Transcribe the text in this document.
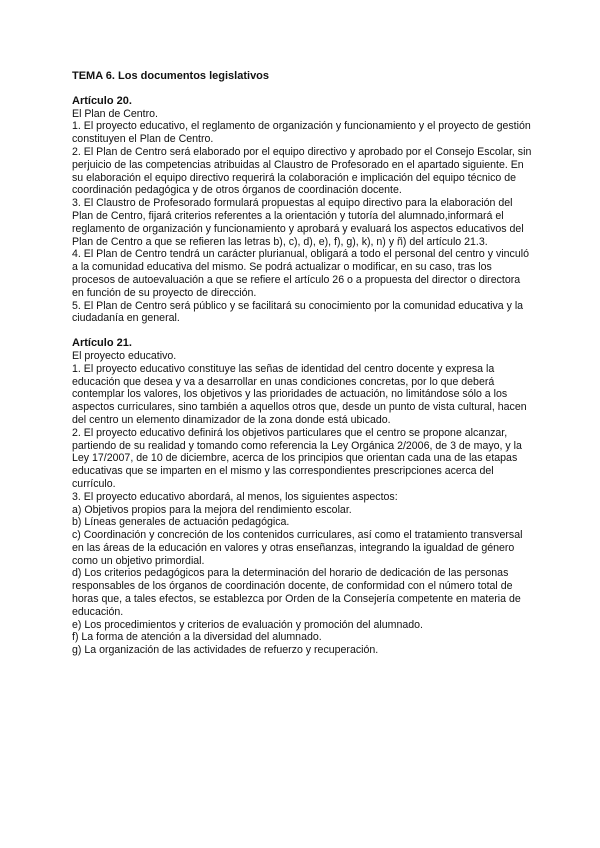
TEMA 6. Los documentos legislativos

Artículo 20.

El Plan de Centro.

1. El proyecto educativo, el reglamento de organización y funcionamiento y el proyecto de gestión constituyen el Plan de Centro.

2. El Plan de Centro será elaborado por el equipo directivo y aprobado por el Consejo Escolar, sin perjuicio de las competencias atribuidas al Claustro de Profesorado en el apartado siguiente. En su elaboración el equipo directivo requerirá la colaboración e implicación del equipo técnico de coordinación pedagógica y de otros órganos de coordinación docente.

3. El Claustro de Profesorado formulará propuestas al equipo directivo para la elaboración del Plan de Centro, fijará criterios referentes a la orientación y tutoría del alumnado,informará el reglamento de organización y funcionamiento y aprobará y evaluará los aspectos educativos del Plan de Centro a que se refieren las letras b), c), d), e), f), g), k), n) y ñ) del artículo 21.3.

4. El Plan de Centro tendrá un carácter plurianual, obligará a todo el personal del centro y vinculó a la comunidad educativa del mismo. Se podrá actualizar o modificar, en su caso, tras los procesos de autoevaluación a que se refiere el artículo 26 o a propuesta del director o directora en función de su proyecto de dirección.

5. El Plan de Centro será público y se facilitará su conocimiento por la comunidad educativa y la ciudadanía en general.

Artículo 21.

El proyecto educativo.

1. El proyecto educativo constituye las señas de identidad del centro docente y expresa la educación que desea y va a desarrollar en unas condiciones concretas, por lo que deberá contemplar los valores, los objetivos y las prioridades de actuación, no limitándose sólo a los aspectos curriculares, sino también a aquellos otros que, desde un punto de vista cultural, hacen del centro un elemento dinamizador de la zona donde está ubicado.

2. El proyecto educativo definirá los objetivos particulares que el centro se propone alcanzar, partiendo de su realidad y tomando como referencia la Ley Orgánica 2/2006, de 3 de mayo, y la Ley 17/2007, de 10 de diciembre, acerca de los principios que orientan cada una de las etapas educativas que se imparten en el mismo y las correspondientes prescripciones acerca del currículo.

3. El proyecto educativo abordará, al menos, los siguientes aspectos:

a) Objetivos propios para la mejora del rendimiento escolar.

b) Líneas generales de actuación pedagógica.

c) Coordinación y concreción de los contenidos curriculares, así como el tratamiento transversal en las áreas de la educación en valores y otras enseñanzas, integrando la igualdad de género como un objetivo primordial.

d) Los criterios pedagógicos para la determinación del horario de dedicación de las personas responsables de los órganos de coordinación docente, de conformidad con el número total de horas que, a tales efectos, se establezca por Orden de la Consejería competente en materia de educación.

e) Los procedimientos y criterios de evaluación y promoción del alumnado.

f) La forma de atención a la diversidad del alumnado.

g) La organización de las actividades de refuerzo y recuperación.
